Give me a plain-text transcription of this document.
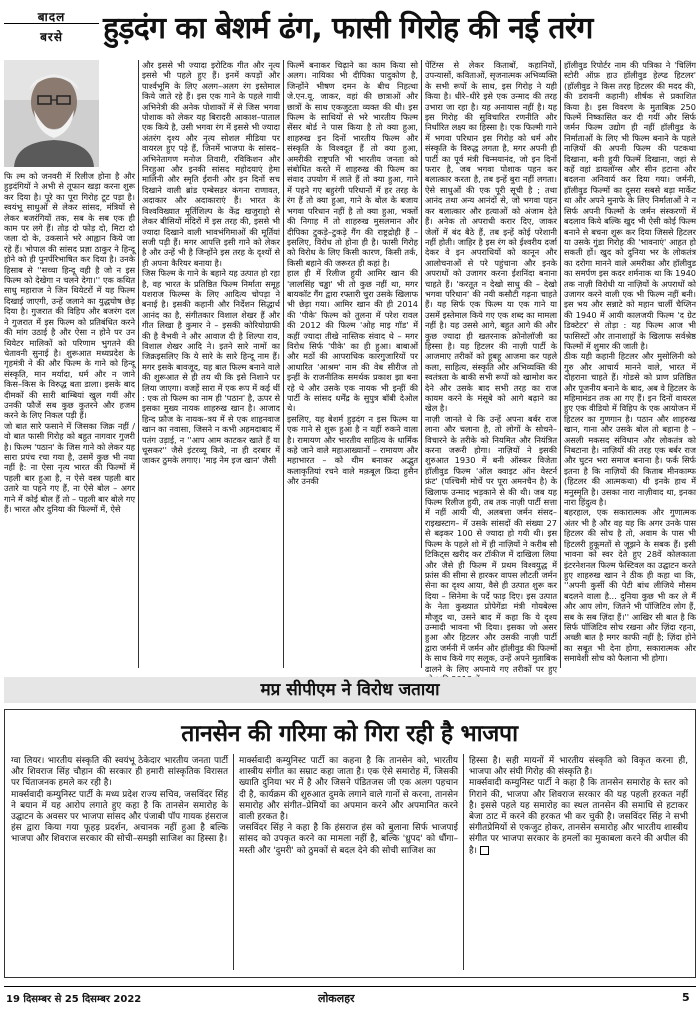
बादल
बरसे	हुड़दंग का बेशर्म ढंग, फासी गिरोह की नई तरंग

फि ल्म को जनवरी में रिलीज होना है और हुड़दंगियों ने अभी से तूफान खड़ा करना शुरू कर दिया है। पूरे का पूरा गिरोह टूट पड़ा है। स्वयंभू साधुओं से लेकर सांसद, मंत्रियों से लेकर बजरंगियों तक, सब के सब एक ही काम पर लगे हैं। तोड़ दो फोड़ दो, मिटा दो जला दो के, उकसाने भरे आह्वान किये जा रहे हैं। भोपाल की सांसद प्रज्ञा ठाकुर ने हिन्दू होने को ही पुनर्परिभाषित कर दिया है। उनके हिसाब से ''सच्चा हिन्दू वही है जो न इस फिल्म को देखेगा न चलने देगा।'' एक कथित साधु महाराज ने जिन थियेटरों में यह फिल्म दिखाई जाएगी, उन्हें जलाने का युद्धघोष छेड़ दिया है। गुजरात की विहिप और बजरंग दल ने गुजरात में इस फिल्म को प्रतिबंधित करने की मांग उठाई है और ऐसा न होने पर उन थियेटर मालिकों को परिणाम भुगतने की चेतावनी सुनाई है। शुरूआत मध्यप्रदेश के गृहमंत्री ने की और फिल्म के गाने को हिन्दू संस्कृति, मान मर्यादा, धर्म और न जाने किस–किस के विरुद्ध बता डाला। इसके बाद दीमकों की सारी बाम्बियां खुल गयीं और उनकी फौजें सब कुछ कुतरने और हजम करने के लिए निकल पड़ी हैं।

जो बात सारे फसाने में जिसका जिक्र नहीं / वो बात फासी गिरोह को बहुत नागवार गुजरी है। फिल्म 'पठान' के जिस गाने को लेकर यह सारा प्रपंच रचा गया है, उसमें कुछ भी नया नहीं है: ना ऐसा नृत्य भारत की फिल्मों में पहली बार हुआ है, न ऐसे वस्त्र पहली बार उतारे या पहने गए हैं, ना ऐसे बोल – अगर गाने में कोई बोल हैं तो – पहली बार बोले गए हैं। भारत और दुनिया की फिल्मों में, ऐसे

और इससे भी ज्यादा इरोटिक गीत और नृत्य इससे भी पहले हुए हैं। इनमें कपड़ों और पार्श्वभूमि के लिए अलग–अलग रंग इस्तेमाल किये जाते रहे हैं। इस एक गाने के पहले गायी अभिनेत्री की अनेक पोशाकों में से जिस भगवा पोशाक को लेकर यह बिरादरी आकाश–पाताल एक किये है, उसी भगवा रंग में इससे भी ज्यादा अंतरंग दृश्य और नृत्य सोशल मीडिया पर वायरल हुए पड़े हैं, जिनमें भाजपा के सांसद–अभिनेतागण मनोज तिवारी, रविकिशन और निरहुआ और इनकी सांसद महोदयाएं हेमा मालिनी और स्मृति ईरानी और इन दिनों सच दिखाने वाली ब्रांड एम्बेसडर कंगना राणावत, अदाकार और अदाकाराएं हैं। भारत के विश्वविख्यात मूर्तिशिल्प के केंद्र खजुराहो से लेकर बीसियों मंदिरों में इस तरह की, इससे भी ज्यादा दिखाने वाली भावभंगिमाओं की मूर्तियां सजी पड़ी हैं। मगर आपत्ति इसी गाने को लेकर है और उन्हें भी है जिन्होंने इस तरह के दृश्यों से ही अपना कैरियर बनाया है।

जिस फिल्म के गाने के बहाने यह उत्पात हो रहा है, वह भारत के प्रतिष्ठित फिल्म निर्माता समूह यशराज फिल्म्स के लिए आदित्य चोपड़ा ने बनाई है। इसकी कहानी और निर्देशन सिद्धार्थ आनंद का है, संगीतकार विशाल शेखर हैं और गीत लिखा है कुमार ने – इसकी कोरियोग्राफी की है वैभवी ने और आवाज दी है शिल्पा राव, विशाल शेखर आदि ने। इतने सारे नामों का जिक्रइसलिए कि ये सारे के सारे हिन्दू नाम हैं। मगर इसके बावजूद, यह बात फिल्म बनाने वाले की शुरूआत से ही तय थी कि इसे निशाने पर लिया जाएगा। वजहें सारा में एक रूप में कई थीं : एक तो फिल्म का नाम ही 'पठान' है, ऊपर से इसका मुख्य नायक शाहरुख खान है। आजाद हिन्द फ़ौज के नायक–त्रय में से एक शाहनवाज खान का नवासा, जिसने न कभी अहमदाबाद में पतंग उड़ाई, न ''आप आम काटकर खाते हैं या चूसकर'' जैसे इंटरव्यू किये, ना ही दरबार में जाकर ठुमके लगाए। 'माइ नेम इज खान' जैसी

फिल्में बनाकर चिढ़ाने का काम किया सो अलग। नायिका भी दीपिका पादुकोण है, जिन्होंने भीषण दमन के बीच निहत्था जे.एन.यू. जाकर, वहां की छात्राओं और छात्रों के साथ एकजुटता व्यक्त की थी। इस फिल्म के साथियों से भरे भारतीय फिल्म सेंसर बोर्ड ने पास किया है तो क्या हुआ, शाहरुख इन दिनों भारतीय फिल्म और संस्कृति के विश्वदूत हैं तो क्या हुआ, अमरीकी राष्ट्रपति भी भारतीय जनता को संबोधित करते में शाहरुख की फिल्म का संवाद उपयोग में लाते हैं तो क्या हुआ, गाने में पहने गए बहुरंगी परिधानों में हर तरह के रंग हैं तो क्या हुआ, गाने के बोल के बजाय भगवा परिधान नहीं है तो क्या हुआ, भक्तों की निगाह में तो शाहरुख मुसलमान और दीपिका टुकड़े–टुकड़े गैंग की राष्ट्रद्रोही हैं – इसलिए, विरोध तो होना ही है। फासी गिरोह को विरोध के लिए किसी कारण, किसी तर्क, किसी बहाने की जरूरत ही कहां है।

हाल ही में रिलीज हुयी आमिर खान की 'लालसिंह चड्ढा' भी तो कुछ नहीं था, मगर बायकॉट गैंग द्वारा रफ्तारी चुरा उसके खिलाफ भी छेड़ा गया। आमिर खान की ही 2014 की 'पीके' फिल्म को तुलना में परेश रावल की 2012 की फिल्म 'ओह माइ गॉड' में कहीं ज्यादा तीखे नास्तिक संवाद थे – मगर विरोध सिर्फ 'पीके' का ही हुआ। बाबाओं और मठों की आपराधिक कारगुजारियों पर आधारित 'आश्रम' नाम की वेब सीरीज तो इन्हीं के राजनीतिक समर्थक प्रकाश झा बना रहे थे और उसके एक नायक भी इन्हीं की पार्टी के सांसद धर्मेंद्र के सुपुत्र बॉबी देओल थे।

इसलिए, यह बेशर्म हुड़दंग न इस फिल्म या एक गाने से शुरू हुआ है न यहीं रुकने वाला है। रामायण और भारतीय साहित्य के धार्मिक कहे जाने वाले महाआख्यानों – रामायण और महाभारत – को थीम बनाकर अद्भुत कलाकृतियां रचने वाले मक़बूल फ़िदा हुसैन और उनकी

पेंटिंग्स से लेकर किताबों, कहानियों, उपन्यासों, कविताओं, सृजनात्मक अभिव्यक्ति के सभी रूपों के साथ, इस गिरोह ने यही किया है। धीरे–धीरे इसे एक उन्माद की तरह उभारा जा रहा है। यह अनायास नहीं है। यह इस गिरोह की सुविचारित रणनीति और निर्धारित लक्ष्य का हिस्सा है। एक फिल्मी गाने में भगवा परिधान इस गिरोह को धर्म और संस्कृति के विरुद्ध लगता है, मगर अपनी ही पार्टी का पूर्व मंत्री चिन्मयानंद, जो इन दिनों फरार है, जब भगवा पोशाक पहन कर बलात्कार करता है, तब इन्हें बुरा नहीं लगता। ऐसे साधुओं की एक पूरी सूची है ; तथा आनंद तथा अन्य आनंदों से, जो भगवा पहन कर बलात्कार और हत्याओं को अंजाम देते हैं। अनेक तो अपराधी करार दिए, जाकर जेलों में बंद बैठे हैं, तब इन्हें कोई परेशानी नहीं होती। जाहिर है इस रंग को ईश्वरीय दर्जा देकर वे इन अपराधियों को कानून और आलोचनाओं से परे पहुंचाना और इनके अपराधों को उजागर करना ईशनिंदा बनाना चाहते हैं। 'करतूत न देखो साधु की – देखो भगवा परिधान' की नयी कसौटी गढ़ना चाहते हैं। यह सिर्फ एक फिल्म या एक गाने या उसमें इस्तेमाल किये गए एक शब्द का मामला नहीं है। यह उससे आगे, बहुत आगे की और कुछ ज्यादा ही खतरनाक क्रोनोलॉजी का हिस्सा है। यह हिटलर की नाज़ी पार्टी के आजमाए तरीकों को हूबहू आजमा कर पहले कला, साहित्य, संस्कृति और अभिव्यक्ति की स्वतंत्रता के बाकी सभी रूपों को खामोश कर देने और उसके बाद सभी तरह का राज कायम करने के मंसूबे को आगे बढ़ाने का खेल है।

नाज़ी जानते थे कि उन्हें अपना बर्बर राज लाना और चलाना है, तो लोगों के सोचने–विचारने के तरीके को नियमित और नियंत्रित करना जरूरी होगा। नाज़ियों ने इसकी शुरुआत 1930 में बनी ऑस्कर विजेता हॉलीवुड फिल्म 'ऑल क्वाइट ऑन वेस्टर्न फ्रंट' (पश्चिमी मोर्चे पर पूरा अमनचैन है) के खिलाफ उन्माद भड़काने से की थी। जब यह फिल्म रिलीज हुयी, तब तक नाज़ी पार्टी सत्ता में नहीं आयी थी, अलबत्ता जर्मन संसद–राइखस्टाग– में उसके सांसदों की संख्या 27 से बढ़कर 100 से ज्यादा हो गयी थी। इस फिल्म के पहले शो में ही नाज़ियों ने करीब सौ टिकिट्स खरीद कर टॉकीज में दाखिला लिया और जैसे ही फिल्म में प्रथम विश्वयुद्ध में फ्रांस की सीमा से हारकर वापस लौटती जर्मन सेना का दृश्य आया, वैसे ही उत्पात शुरू कर दिया – सिनेमा के पर्दे फाड़ दिए। इस उत्पात के नेता कुख्यात प्रोपेगेंडा मंत्री गोयबेल्स मौजूद था, उसने बाद में कहा कि ये दृश्य उन्मादी भावना भी दिया। इसका जो असर हुआ और हिटलर और उसकी नाज़ी पार्टी द्वारा जर्मनी में जर्मन और हॉलीवुड की फिल्मों के साथ किये गए सलूक, उन्हें अपने मुताबिक ढालने के लिए अपनाये गए तरीकों पर हुए

हॉलीवुड रिपोर्टर नाम की पत्रिका ने 'चिलिंग स्टोरी ऑफ़ हाउ हॉलीवुड हेल्प्ड हिटलर' (हॉलीवुड ने किस तरह हिटलर की मदद की, की डरावनी कहानी) शीर्षक से प्रकाशित किया है। इस विवरण के मुताबिक़ 250 फिल्में निष्कासित कर दी गयीं और सिर्फ जर्मन फिल्म उद्योग ही नहीं हॉलीवुड के निर्माताओं के लिए भी फिल्म बनाने के पहले नाज़ियों की अपनी फिल्म की पटकथा दिखाना, बनी हुयी फिल्में दिखाना, जहां से कहें वहां डायलॉग्स और सीन हटाना और बदलना अनिवार्य कर दिया गया। जर्मनी, हॉलीवुड फिल्मों का दूसरा सबसे बड़ा मार्केट था और अपने मुनाफे के लिए निर्माताओं ने न सिर्फ अपनी फिल्मों के जर्मन संस्करणों में बदलाव किये बल्कि खुद भी ऐसी कोई फिल्म बनाने से बचना शुरू कर दिया जिससे हिटलर या उसके गुंडा गिरोह की 'भावनाएं' आहत हो सकती हों। खुद को दुनिया भर के लोकतंत्र का दरोगा मानने वाले अमरीका और हॉलीवुड का समर्पण इस कदर शर्मनाक था कि 1940 तक नाज़ी विरोधी या नाज़ियों के अपराधों को उजागर करने वाली एक भी फिल्म नहीं बनी। इस भय और सन्नाटे को महान चार्ली चैप्लिन की 1940 में आयी कालजयी फिल्म 'द ग्रेट डिक्टेटर' से तोड़ा : यह फिल्म आज भी फासिस्टों और तानाशाहों के खिलाफ सर्वश्रेष्ठ फिल्मों में शुमार की जाती है।

ठीक यही कहानी हिटलर और मुसोलिनी को गुरु और आचार्य मानने वाले, भारत में दोहराना चाहते हैं। गोडसे को प्राण प्रतिष्ठित और पूजनीय बनाने के बाद, अब वे हिटलर के महिमामंडन तक आ गए हैं। इन दिनों वायरल हुए एक वीडियो में विहिप के एक आयोजन में हिटलर का गुणगान है। पठान और शाहरुख खान, गाना और उसके बोल तो बहाना है – असली मकसद संविधान और लोकतंत्र को निबटाना है। नाज़ियों की तरह एक बर्बर राज और घुटन भरा समाज बनाना है। फर्क सिर्फ इतना है कि नाज़ियों की किताब मीनकाम्फ (हिटलर की आत्मकथा) थी इनके हाथ में मनुस्मृति है। उसका नारा नाज़ीवाद था, इनका नारा हिंदुत्व है।

बहरहाल, एक सकारात्मक और गुणात्मक अंतर भी है और वह यह कि अगर उनके पास हिटलर की सोच है तो, अवाम के पास भी हिटलरी हुकूमतों से जूझने के सबक हैं। इसी भावना को स्वर देते हुए 28वें कोलकाता इंटरनेशनल फिल्म फेस्टिवल का उद्घाटन करते हुए शाहरुख खान ने ठीक ही कहा था कि, ''अपनी कुर्सी की पेटी बांध लीजिये मौसम बदलने वाला है... दुनिया कुछ भी कर ले मैं और आप लोग, जितने भी पॉजिटिव लोग हैं, सब के सब ज़िंदा हैं।'' आखिर सी बात है कि सिर्फ पॉजिटिव सोच रखना और ज़िंदा रहना, अच्छी बात है मगर काफी नहीं है; ज़िंदा होने का सबूत भी देना होगा, सकारात्मक और समावेशी सोच को फैलाना भी होगा।

मप्र सीपीएम ने विरोध जताया
तानसेन की गरिमा को गिरा रही है भाजपा

ग्वा लियर। भारतीय संस्कृति की स्वयंभू ठेकेदार भारतीय जनता पार्टी और शिवराज सिंह चौहान की सरकार ही हमारी सांस्कृतिक विरासत पर चिंताजनक हमले कर रही है।

मार्क्सवादी कम्युनिस्ट पार्टी के मध्य प्रदेश राज्य सचिव, जसविंदर सिंह ने बयान में यह आरोप लगाते हुए कहा है कि तानसेन समारोह के उद्घाटन के अवसर पर भाजपा सांसद और पंजाबी पॉप गायक हंसराज हंस द्वारा किया गया फूहड़ प्रदर्शन, अचानक नहीं हुआ है बल्कि भाजपा और शिवराज सरकार की सोची–समझी साजिश का हिस्सा है।

मार्क्सवादी कम्युनिस्ट पार्टी का कहना है कि तानसेन को, भारतीय शास्त्रीय संगीत का सम्राट कहा जाता है। एक ऐसे समारोह में, जिसकी ख्याति दुनिया भर में है और जिसने पंडितजस जी एक अलग पहचान दी है, कार्यक्रम की शुरुआत दुमके लगाने वाले गानों से करना, तानसेन समारोह और संगीत–प्रेमियों का अपमान करने और अपमानित करने वाली हरकत है।

जसविंदर सिंह ने कहा है कि हंसराज हंस को बुलाना सिर्फ भाजपाई सांसद को उपकृत करने का मामला नहीं है, बल्कि 'ध्रुपद' को धौंगा–मस्ती और 'दुमरी' को ठुमकों से बदल देने की सोची साजिश का

हिस्सा है। सही मायनों में भारतीय संस्कृति को विकृत करना ही, भाजपा और संघी गिरोह की संस्कृति है।

मार्क्सवादी कम्युनिस्ट पार्टी ने कहा है कि तानसेन समारोह के स्तर को गिराने की, भाजपा और शिवराज सरकार की यह पहली हरकत नहीं है। इससे पहले यह समारोह का स्थल तानसेन की समाधि से हटाकर बेजा ठाट में करने की हरकत भी कर चुकी है। जसविंदर सिंह ने सभी संगीतप्रेमियों से एकजुट होकर, तानसेन समारोह और भारतीय शास्त्रीय संगीत पर भाजपा सरकार के हमलों का मुकाबला करने की अपील की है।

19 दिसम्बर से 25 दिसम्बर 2022	लोकलहर	5
